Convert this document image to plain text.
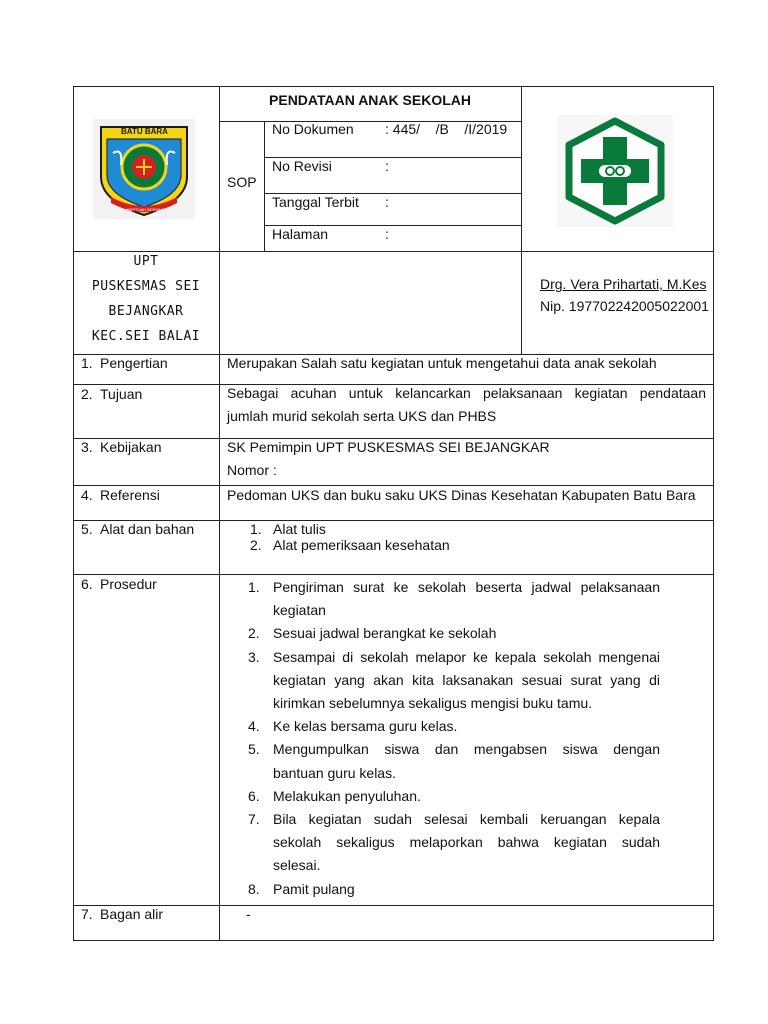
BATU BARA
BERTUAH BERSAMA
PENDATAAN ANAK SEKOLAH
SOP
No Dokumen : 445/    /B    /I/2019
No Revisi	:
Tanggal Terbit :
Halaman	:
UPT
PUSKESMAS SEI
BEJANGKAR
KEC.SEI BALAI
Drg. Vera Prihartati, M.Kes
Nip. 197702242005022001
1. Pengertian
2. Tujuan
3. Kebijakan
4. Referensi
5. Alat dan bahan
6. Prosedur
7. Bagan alir
Merupakan Salah satu kegiatan untuk mengetahui data anak sekolah
Sebagai acuhan untuk kelancarkan pelaksanaan kegiatan pendataan
jumlah murid sekolah serta UKS dan PHBS
SK Pemimpin UPT PUSKESMAS SEI BEJANGKAR
Nomor :
Pedoman UKS dan buku saku UKS Dinas Kesehatan Kabupaten Batu Bara
1. Alat tulis
2. Alat pemeriksaan kesehatan
1. Pengiriman surat ke sekolah beserta jadwal pelaksanaan
kegiatan
2. Sesuai jadwal berangkat ke sekolah
3. Sesampai di sekolah melapor ke kepala sekolah mengenai
kegiatan yang akan kita laksanakan sesuai surat yang di
kirimkan sebelumnya sekaligus mengisi buku tamu.
4. Ke kelas bersama guru kelas.
5. Mengumpulkan siswa dan mengabsen siswa dengan
bantuan guru kelas.
6. Melakukan penyuluhan.
7. Bila kegiatan sudah selesai kembali keruangan kepala
sekolah sekaligus melaporkan bahwa kegiatan sudah
selesai.
8. Pamit pulang
-
